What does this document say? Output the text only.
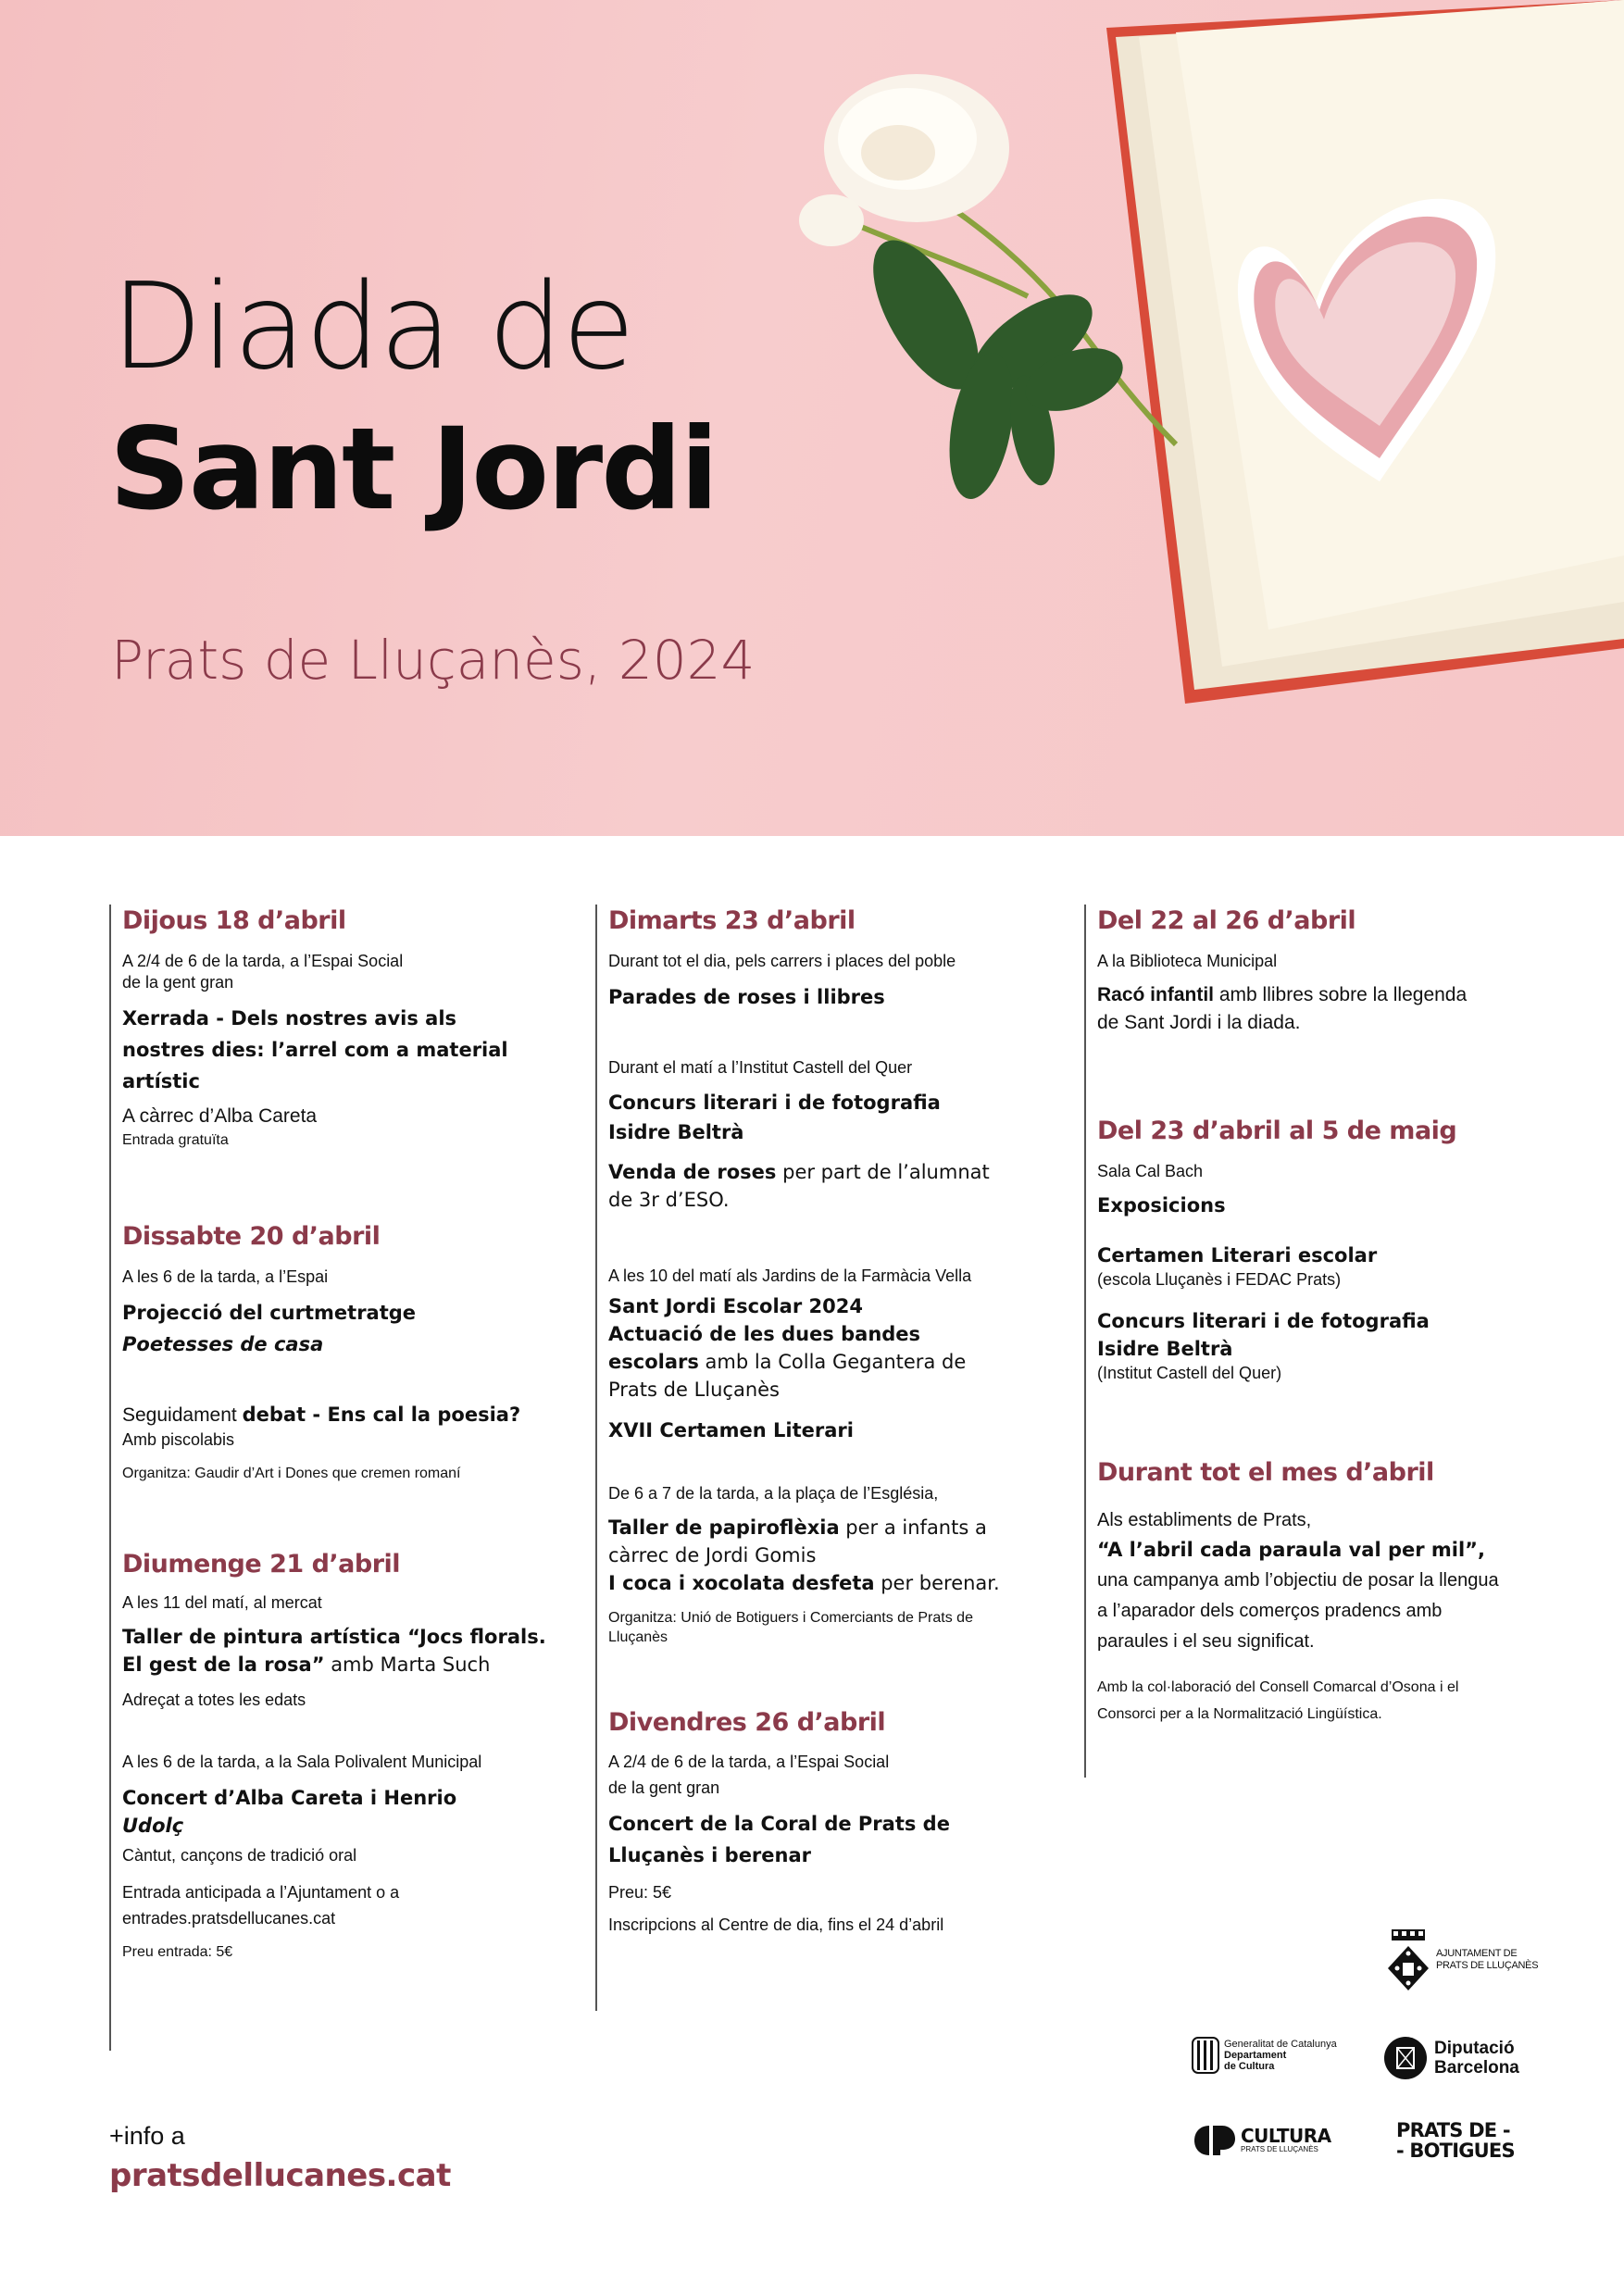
Diada de
Sant Jordi
Prats de Lluçanès, 2024
Dijous 18 d’abril

A 2/4 de 6 de la tarda, a l’Espai Social

de la gent gran

Xerrada - Dels nostres avis als nostres dies: l’arrel com a material artístic

A càrrec d’Alba Careta

Entrada gratuïta

Dissabte 20 d’abril

A les 6 de la tarda, a l’Espai

Projecció del curtmetratge

Poetesses de casa

Seguidament debat - Ens cal la poesia?

Amb piscolabis

Organitza: Gaudir d’Art i Dones que cremen romaní

Diumenge 21 d’abril

A les 11 del matí, al mercat

Taller de pintura artística “Jocs florals. El gest de la rosa” amb Marta Such

Adreçat a totes les edats

A les 6 de la tarda, a la Sala Polivalent Municipal

Concert d’Alba Careta i Henrio

Udolç

Càntut, cançons de tradició oral

Entrada anticipada a l’Ajuntament o a entrades.pratsdellucanes.cat

Preu entrada: 5€

Dimarts 23 d’abril

Durant tot el dia, pels carrers i places del poble

Parades de roses i llibres

Durant el matí a l’Institut Castell del Quer

Concurs literari i de fotografia

Isidre Beltrà

Venda de roses per part de l’alumnat de 3r d’ESO.

A les 10 del matí als Jardins de la Farmàcia Vella

Sant Jordi Escolar 2024

Actuació de les dues bandes escolars amb la Colla Gegantera de Prats de Lluçanès

XVII Certamen Literari

De 6 a 7 de la tarda, a la plaça de l’Església,

Taller de papiroflèxia per a infants a càrrec de Jordi Gomis

I coca i xocolata desfeta per berenar.

Organitza: Unió de Botiguers i Comerciants de Prats de Lluçanès

Divendres 26 d’abril

A 2/4 de 6 de la tarda, a l’Espai Social

de la gent gran

Concert de la Coral de Prats de Lluçanès i berenar

Preu: 5€

Inscripcions al Centre de dia, fins el 24 d’abril

Del 22 al 26 d’abril

A la Biblioteca Municipal

Racó infantil amb llibres sobre la llegenda de Sant Jordi i la diada.

Del 23 d’abril al 5 de maig

Sala Cal Bach

Exposicions

Certamen Literari escolar

(escola Lluçanès i FEDAC Prats)

Concurs literari i de fotografia

Isidre Beltrà

(Institut Castell del Quer)

Durant tot el mes d’abril

Als establiments de Prats,

“A l’abril cada paraula val per mil”,

una campanya amb l’objectiu de posar la llengua a l’aparador dels comerços pradencs amb paraules i el seu significat.

Amb la col·laboració del Consell Comarcal d’Osona i el Consorci per a la Normalització Lingüística.

+info a
pratsdellucanes.cat
AJUNTAMENT DE
PRATS DE LLUÇANÈS
Generalitat de Catalunya
Departament
de Cultura
Diputació
Barcelona
CULTURA
PRATS DE LLUÇANÈS
PRATS DE -
- BOTIGUES
